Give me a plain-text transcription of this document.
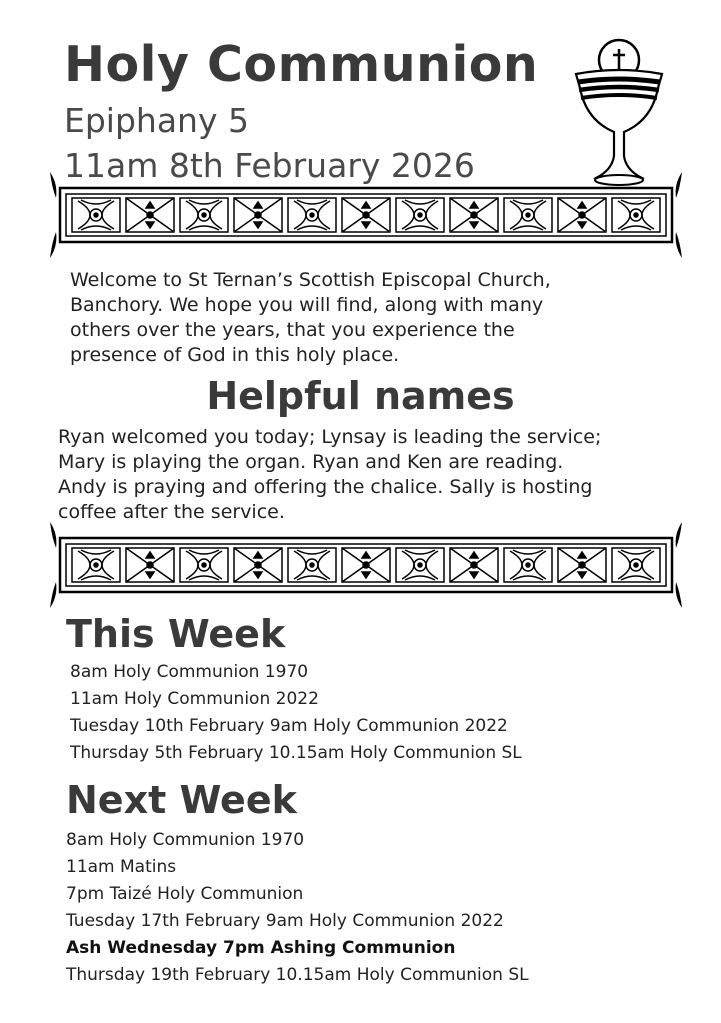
Holy Communion
Epiphany 5
11am 8th February 2026
Welcome to St Ternan’s Scottish Episcopal Church,
Banchory. We hope you will find, along with many
others over the years, that you experience the
presence of God in this holy place.
Helpful names
Ryan welcomed you today; Lynsay is leading the service;
Mary is playing the organ. Ryan and Ken are reading.
Andy is praying and offering the chalice. Sally is hosting
coffee after the service.
This Week
8am Holy Communion 1970
11am Holy Communion 2022
Tuesday 10th February 9am Holy Communion 2022
Thursday 5th February 10.15am Holy Communion SL
Next Week
8am Holy Communion 1970
11am Matins
7pm Taizé Holy Communion
Tuesday 17th February 9am Holy Communion 2022
Ash Wednesday 7pm Ashing Communion
Thursday 19th February 10.15am Holy Communion SL
